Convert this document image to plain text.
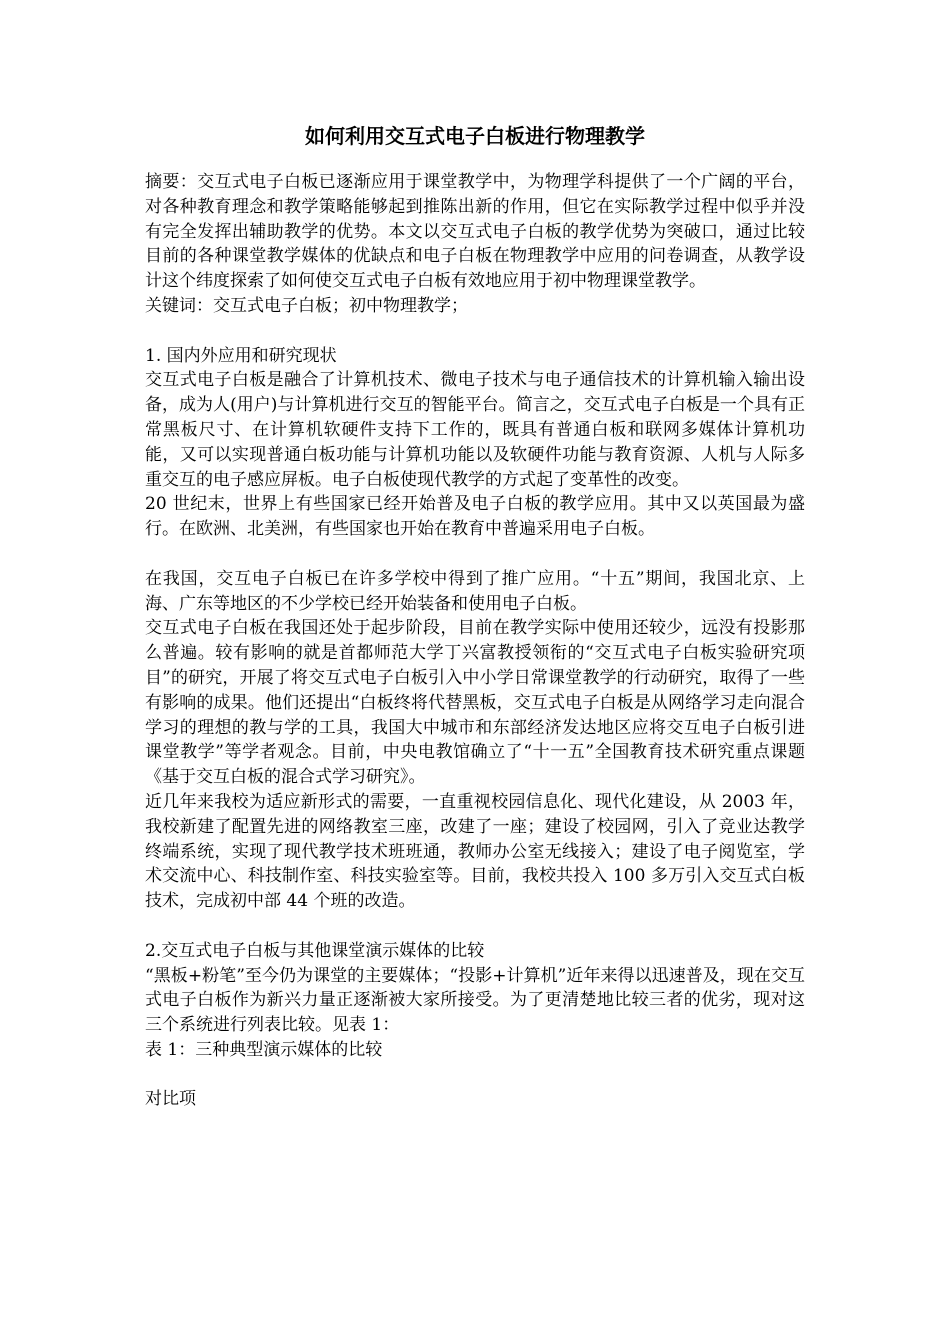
如何利用交互式电子白板进行物理教学

摘要：交互式电子白板已逐渐应用于课堂教学中，为物理学科提供了一个广阔的平台，对各种教育理念和教学策略能够起到推陈出新的作用，但它在实际教学过程中似乎并没有完全发挥出辅助教学的优势。本文以交互式电子白板的教学优势为突破口，通过比较目前的各种课堂教学媒体的优缺点和电子白板在物理教学中应用的问卷调查，从教学设计这个纬度探索了如何使交互式电子白板有效地应用于初中物理课堂教学。

关键词：交互式电子白板；初中物理教学；

1. 国内外应用和研究现状

交互式电子白板是融合了计算机技术、微电子技术与电子通信技术的计算机输入输出设备，成为人(用户)与计算机进行交互的智能平台。简言之，交互式电子白板是一个具有正常黑板尺寸、在计算机软硬件支持下工作的，既具有普通白板和联网多媒体计算机功能，又可以实现普通白板功能与计算机功能以及软硬件功能与教育资源、人机与人际多重交互的电子感应屏板。电子白板使现代教学的方式起了变革性的改变。

20 世纪末，世界上有些国家已经开始普及电子白板的教学应用。其中又以英国最为盛行。在欧洲、北美洲，有些国家也开始在教育中普遍采用电子白板。

在我国，交互电子白板已在许多学校中得到了推广应用。“十五”期间，我国北京、上海、广东等地区的不少学校已经开始装备和使用电子白板。

交互式电子白板在我国还处于起步阶段，目前在教学实际中使用还较少，远没有投影那么普遍。较有影响的就是首都师范大学丁兴富教授领衔的“交互式电子白板实验研究项目”的研究，开展了将交互式电子白板引入中小学日常课堂教学的行动研究，取得了一些有影响的成果。他们还提出“白板终将代替黑板，交互式电子白板是从网络学习走向混合学习的理想的教与学的工具，我国大中城市和东部经济发达地区应将交互电子白板引进课堂教学”等学者观念。目前，中央电教馆确立了“十一五”全国教育技术研究重点课题《基于交互白板的混合式学习研究》。

近几年来我校为适应新形式的需要，一直重视校园信息化、现代化建设，从 2003 年，我校新建了配置先进的网络教室三座，改建了一座；建设了校园网，引入了竞业达教学终端系统，实现了现代教学技术班班通，教师办公室无线接入；建设了电子阅览室，学术交流中心、科技制作室、科技实验室等。目前，我校共投入 100 多万引入交互式白板技术，完成初中部 44 个班的改造。

2.交互式电子白板与其他课堂演示媒体的比较

“黑板+粉笔”至今仍为课堂的主要媒体；“投影+计算机”近年来得以迅速普及，现在交互式电子白板作为新兴力量正逐渐被大家所接受。为了更清楚地比较三者的优劣，现对这三个系统进行列表比较。见表 1：

表 1：三种典型演示媒体的比较

对比项
